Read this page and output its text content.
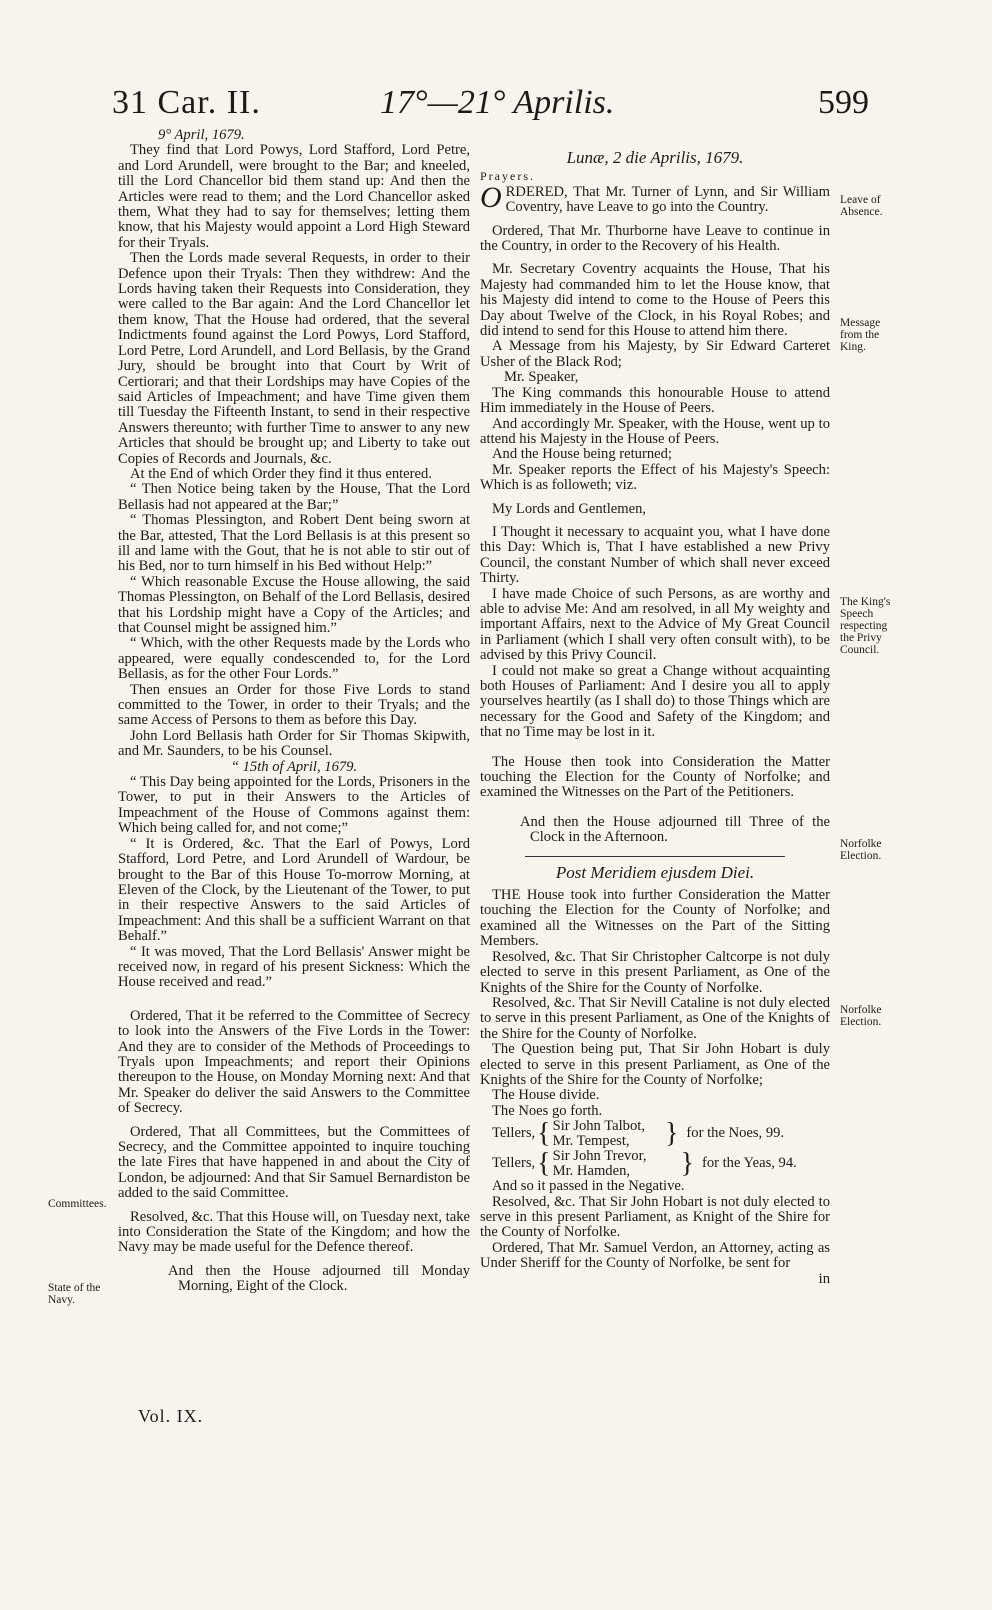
31 Car. II.	17°—21° Aprilis.	599

9° April, 1679.

They find that Lord Powys, Lord Stafford, Lord Petre, and Lord Arundell, were brought to the Bar; and kneeled, till the Lord Chancellor bid them stand up: And then the Articles were read to them; and the Lord Chancellor asked them, What they had to say for themselves; letting them know, that his Majesty would appoint a Lord High Steward for their Tryals.

Then the Lords made several Requests, in order to their Defence upon their Tryals: Then they withdrew: And the Lords having taken their Requests into Consideration, they were called to the Bar again: And the Lord Chancellor let them know, That the House had ordered, that the several Indictments found against the Lord Powys, Lord Stafford, Lord Petre, Lord Arundell, and Lord Bellasis, by the Grand Jury, should be brought into that Court by Writ of Certiorari; and that their Lordships may have Copies of the said Articles of Impeachment; and have Time given them till Tuesday the Fifteenth Instant, to send in their respective Answers thereunto; with further Time to answer to any new Articles that should be brought up; and Liberty to take out Copies of Records and Journals, &c.

At the End of which Order they find it thus entered.

“ Then Notice being taken by the House, That the Lord Bellasis had not appeared at the Bar;”

“ Thomas Plessington, and Robert Dent being sworn at the Bar, attested, That the Lord Bellasis is at this present so ill and lame with the Gout, that he is not able to stir out of his Bed, nor to turn himself in his Bed without Help:”

“ Which reasonable Excuse the House allowing, the said Thomas Plessington, on Behalf of the Lord Bellasis, desired that his Lordship might have a Copy of the Articles; and that Counsel might be assigned him.”

“ Which, with the other Requests made by the Lords who appeared, were equally condescended to, for the Lord Bellasis, as for the other Four Lords.”

Then ensues an Order for those Five Lords to stand committed to the Tower, in order to their Tryals; and the same Access of Persons to them as before this Day.

John Lord Bellasis hath Order for Sir Thomas Skipwith, and Mr. Saunders, to be his Counsel.

“ 15th of April, 1679.

“ This Day being appointed for the Lords, Prisoners in the Tower, to put in their Answers to the Articles of Impeachment of the House of Commons against them: Which being called for, and not come;”

“ It is Ordered, &c. That the Earl of Powys, Lord Stafford, Lord Petre, and Lord Arundell of Wardour, be brought to the Bar of this House To-morrow Morning, at Eleven of the Clock, by the Lieutenant of the Tower, to put in their respective Answers to the said Articles of Impeachment: And this shall be a sufficient Warrant on that Behalf.”

“ It was moved, That the Lord Bellasis' Answer might be received now, in regard of his present Sickness: Which the House received and read.”

Ordered, That it be referred to the Committee of Secrecy to look into the Answers of the Five Lords in the Tower: And they are to consider of the Methods of Proceedings to Tryals upon Impeachments; and report their Opinions thereupon to the House, on Monday Morning next: And that Mr. Speaker do deliver the said Answers to the Committee of Secrecy.

Ordered, That all Committees, but the Committees of Secrecy, and the Committee appointed to inquire touching the late Fires that have happened in and about the City of London, be adjourned: And that Sir Samuel Bernardiston be added to the said Committee.

Resolved, &c. That this House will, on Tuesday next, take into Consideration the State of the Kingdom; and how the Navy may be made useful for the Defence thereof.

And then the House adjourned till Monday Morning, Eight of the Clock.

Lunæ, 2 die Aprilis, 1679.

Prayers.

ORDERED, That Mr. Turner of Lynn, and Sir William Coventry, have Leave to go into the Country.

Ordered, That Mr. Thurborne have Leave to continue in the Country, in order to the Recovery of his Health.

Mr. Secretary Coventry acquaints the House, That his Majesty had commanded him to let the House know, that his Majesty did intend to come to the House of Peers this Day about Twelve of the Clock, in his Royal Robes; and did intend to send for this House to attend him there.

A Message from his Majesty, by Sir Edward Carteret Usher of the Black Rod;

Mr. Speaker,

The King commands this honourable House to attend Him immediately in the House of Peers.

And accordingly Mr. Speaker, with the House, went up to attend his Majesty in the House of Peers.

And the House being returned;

Mr. Speaker reports the Effect of his Majesty's Speech: Which is as followeth; viz.

My Lords and Gentlemen,

I Thought it necessary to acquaint you, what I have done this Day: Which is, That I have established a new Privy Council, the constant Number of which shall never exceed Thirty.

I have made Choice of such Persons, as are worthy and able to advise Me: And am resolved, in all My weighty and important Affairs, next to the Advice of My Great Council in Parliament (which I shall very often consult with), to be advised by this Privy Council.

I could not make so great a Change without acquainting both Houses of Parliament: And I desire you all to apply yourselves heartily (as I shall do) to those Things which are necessary for the Good and Safety of the Kingdom; and that no Time may be lost in it.

The House then took into Consideration the Matter touching the Election for the County of Norfolke; and examined the Witnesses on the Part of the Petitioners.

And then the House adjourned till Three of the Clock in the Afternoon.

Post Meridiem ejusdem Diei.

THE House took into further Consideration the Matter touching the Election for the County of Norfolke; and examined all the Witnesses on the Part of the Sitting Members.

Resolved, &c. That Sir Christopher Caltcorpe is not duly elected to serve in this present Parliament, as One of the Knights of the Shire for the County of Norfolke.

Resolved, &c. That Sir Nevill Cataline is not duly elected to serve in this present Parliament, as One of the Knights of the Shire for the County of Norfolke.

The Question being put, That Sir John Hobart is duly elected to serve in this present Parliament, as One of the Knights of the Shire for the County of Norfolke;

The House divide.

The Noes go forth.

Tellers, { Sir John Talbot,
Mr. Tempest,	} for the Noes, 99.
Tellers, { Sir John Trevor,
Mr. Hamden,	} for the Yeas, 94.

And so it passed in the Negative.

Resolved, &c. That Sir John Hobart is not duly elected to serve in this present Parliament, as Knight of the Shire for the County of Norfolke.

Ordered, That Mr. Samuel Verdon, an Attorney, acting as Under Sheriff for the County of Norfolke, be sent for

in

Leave of Absence.
Message from the King.
The King's Speech respecting the Privy Council.
Norfolke Election.
Norfolke Election.
Committees.
State of the Navy.
Vol. IX.
